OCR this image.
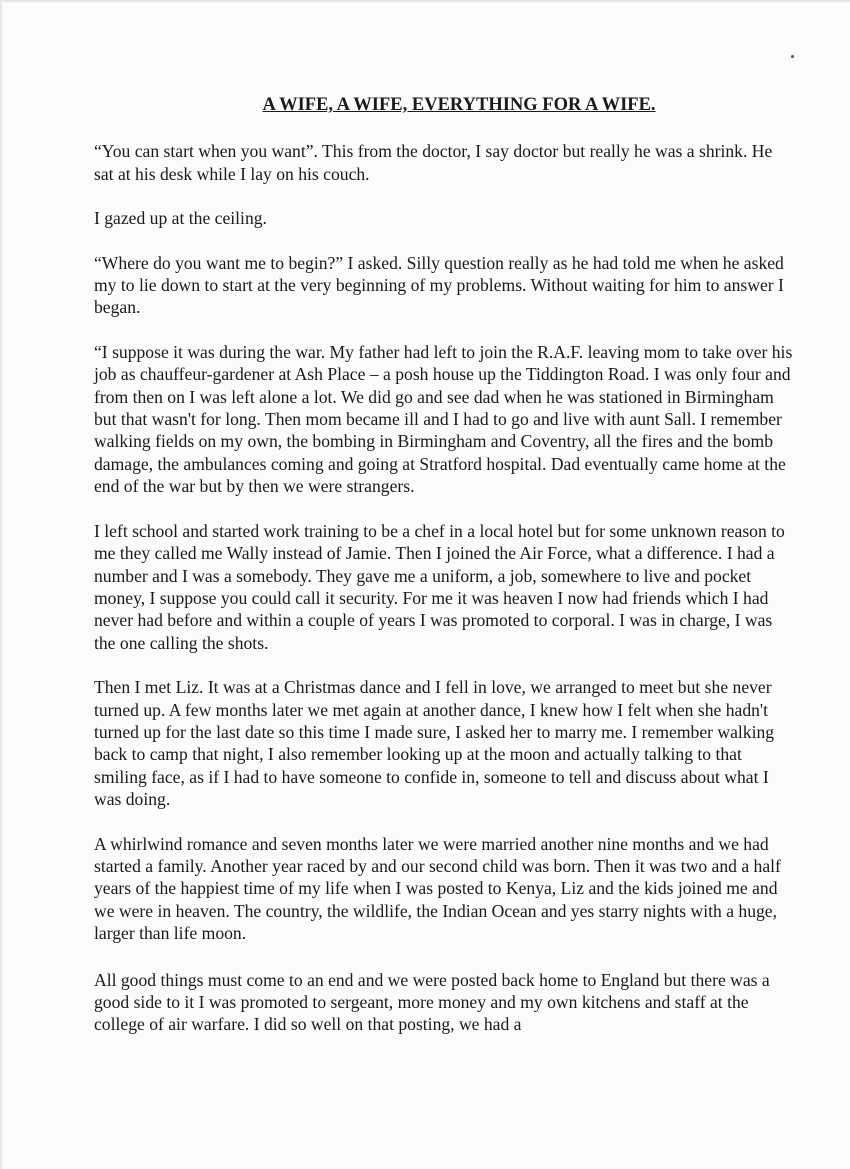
A WIFE, A WIFE, EVERYTHING FOR A WIFE.

“You can start when you want”. This from the doctor, I say doctor but really he was a shrink. He sat at his desk while I lay on his couch.

I gazed up at the ceiling.

“Where do you want me to begin?” I asked. Silly question really as he had told me when he asked my to lie down to start at the very beginning of my problems. Without waiting for him to answer I began.

“I suppose it was during the war. My father had left to join the R.A.F. leaving mom to take over his job as chauffeur-gardener at Ash Place – a posh house up the Tiddington Road. I was only four and from then on I was left alone a lot. We did go and see dad when he was stationed in Birmingham but that wasn't for long. Then mom became ill and I had to go and live with aunt Sall. I remember walking fields on my own, the bombing in Birmingham and Coventry, all the fires and the bomb damage, the ambulances coming and going at Stratford hospital. Dad eventually came home at the end of the war but by then we were strangers.

I left school and started work training to be a chef in a local hotel but for some unknown reason to me they called me Wally instead of Jamie. Then I joined the Air Force, what a difference. I had a number and I was a somebody. They gave me a uniform, a job, somewhere to live and pocket money, I suppose you could call it security. For me it was heaven I now had friends which I had never had before and within a couple of years I was promoted to corporal. I was in charge, I was the one calling the shots.

Then I met Liz. It was at a Christmas dance and I fell in love, we arranged to meet but she never turned up. A few months later we met again at another dance, I knew how I felt when she hadn't turned up for the last date so this time I made sure, I asked her to marry me. I remember walking back to camp that night, I also remember looking up at the moon and actually talking to that smiling face, as if I had to have someone to confide in, someone to tell and discuss about what I was doing.

A whirlwind romance and seven months later we were married another nine months and we had started a family. Another year raced by and our second child was born. Then it was two and a half years of the happiest time of my life when I was posted to Kenya, Liz and the kids joined me and we were in heaven. The country, the wildlife, the Indian Ocean and yes starry nights with a huge, larger than life moon.

All good things must come to an end and we were posted back home to England but there was a good side to it I was promoted to sergeant, more money and my own kitchens and staff at the college of air warfare. I did so well on that posting, we had a
